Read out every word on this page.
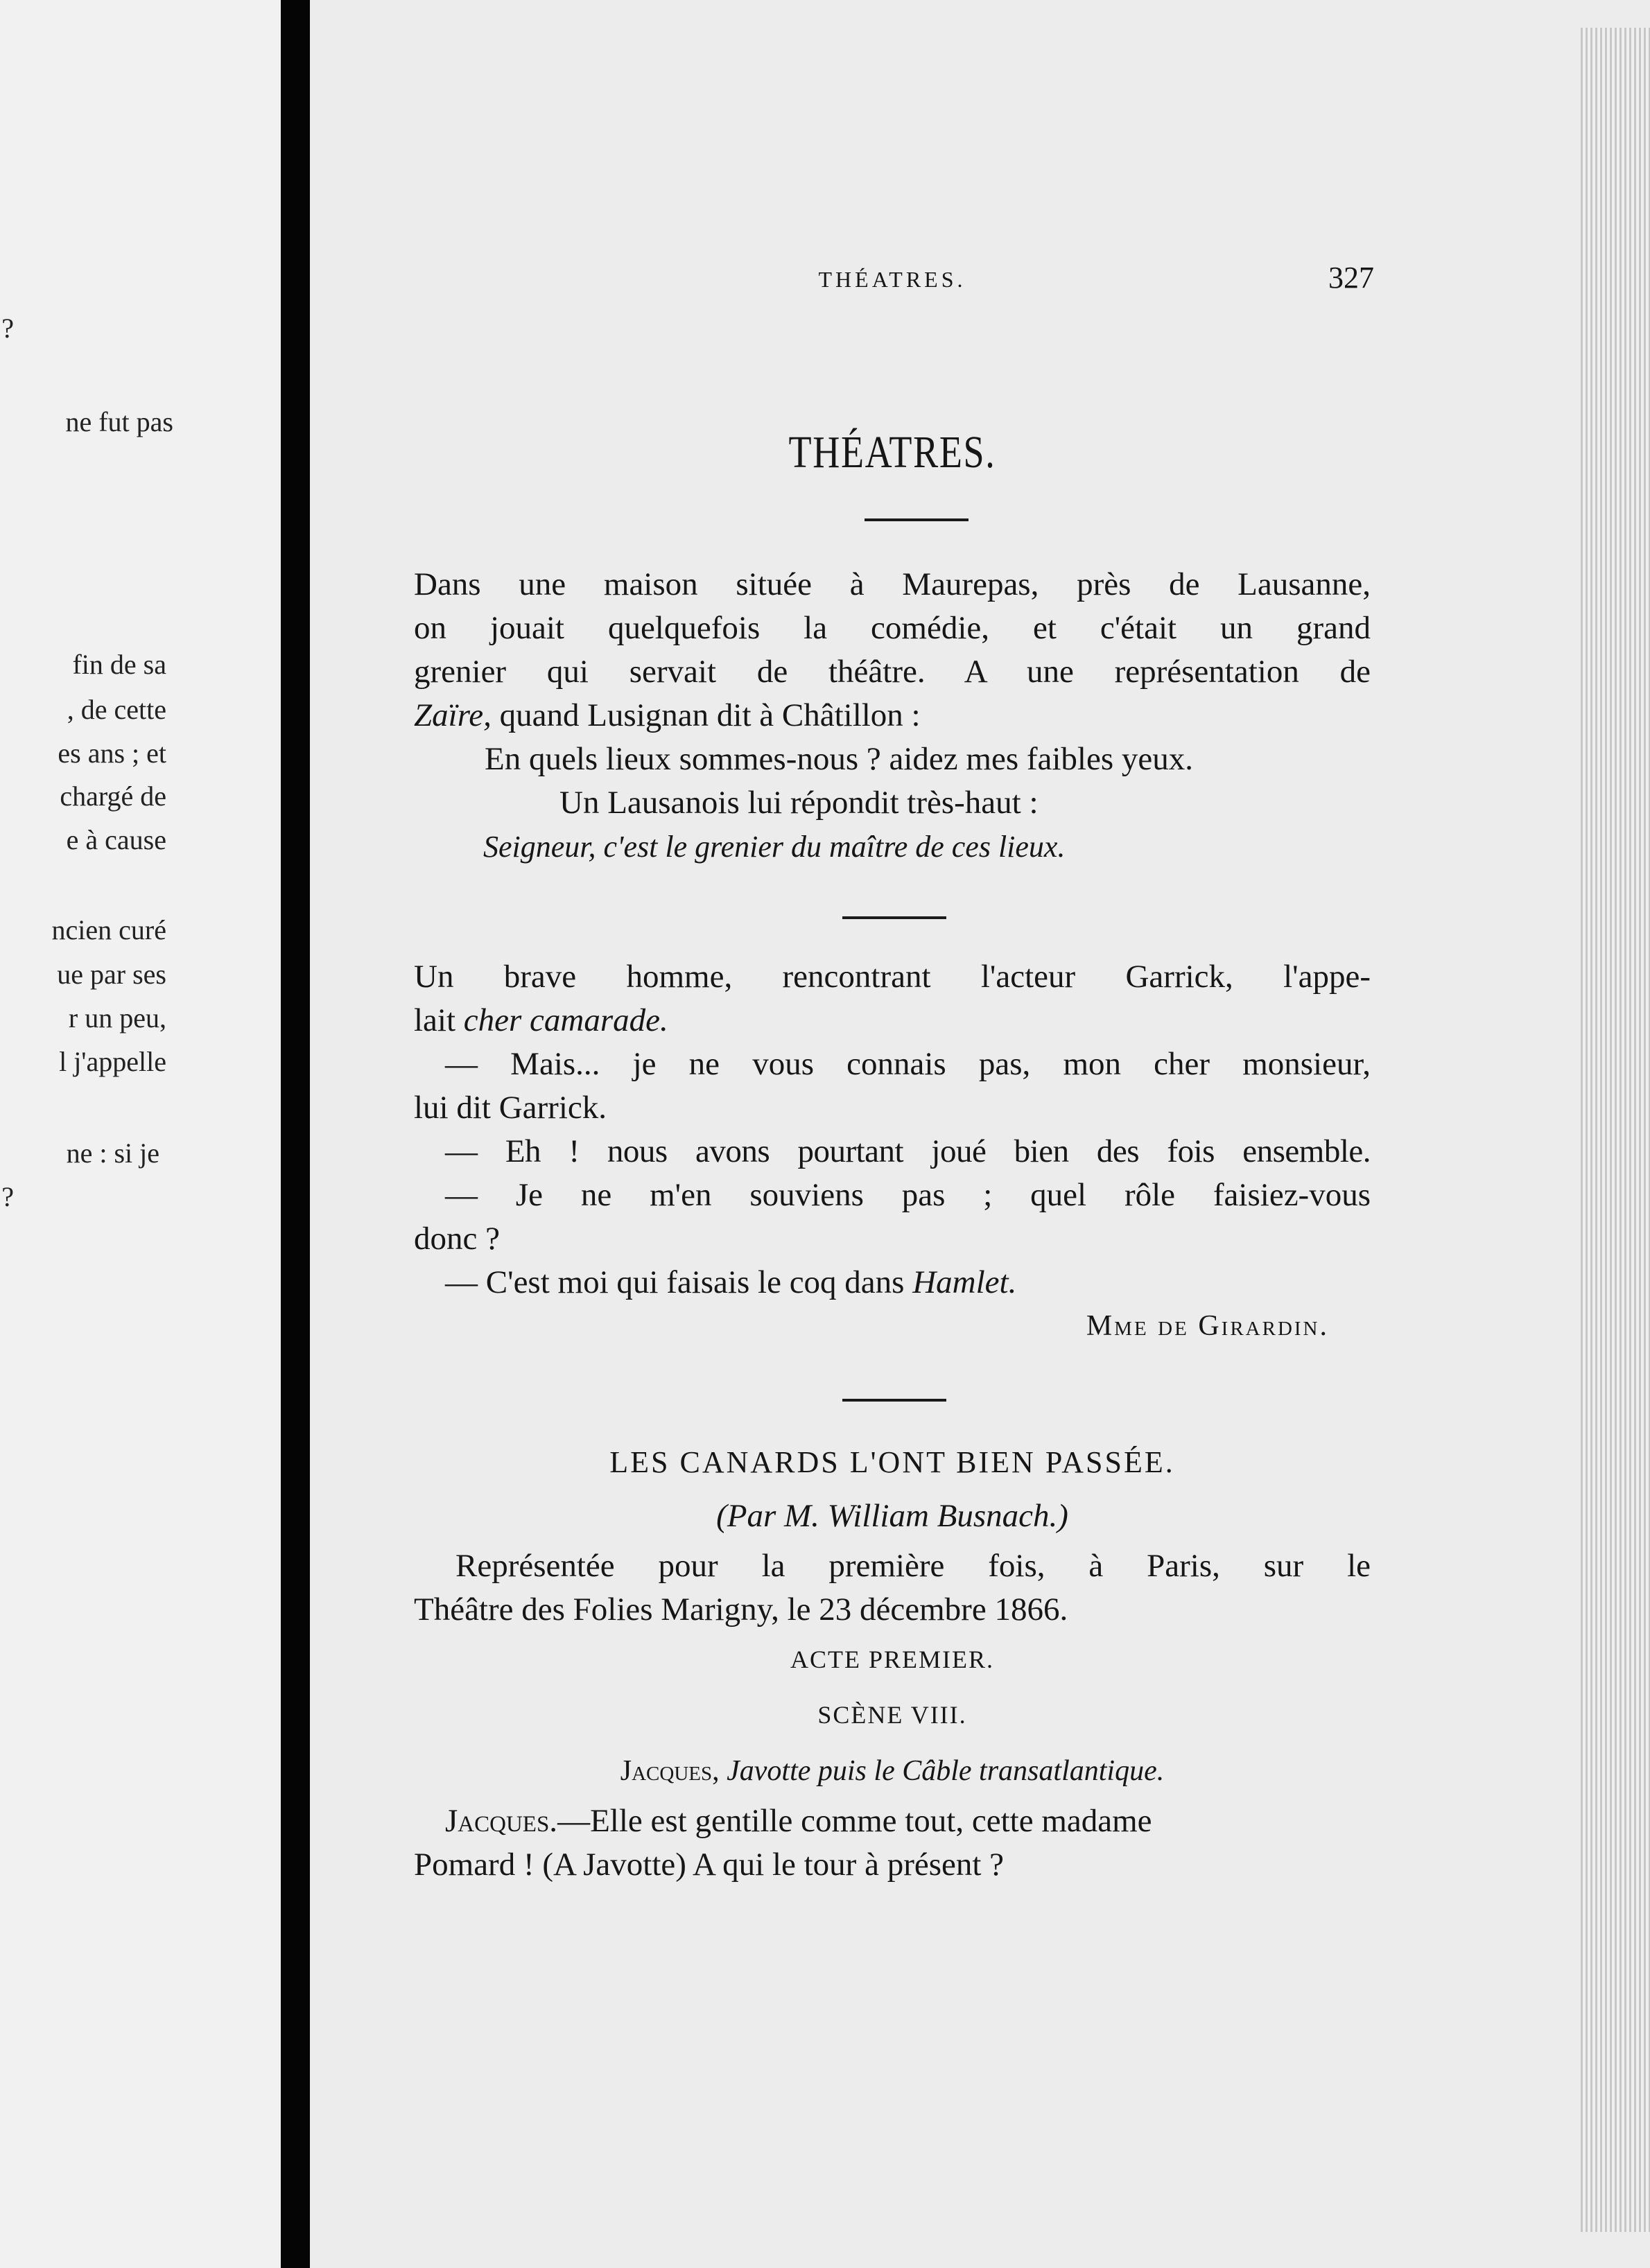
?
ne fut pas
fin de sa
, de cette
es ans ; et
chargé de
e à cause
ncien curé
ue par ses
r un peu,
l j'appelle
ne : si je
?
THÉATRES.	327
THÉATRES.
Dans une maison située à Maurepas, près de Lausanne,
on jouait quelquefois la comédie, et c'était un grand
grenier qui servait de théâtre. A une représentation de
Zaïre, quand Lusignan dit à Châtillon :
En quels lieux sommes-nous ? aidez mes faibles yeux.
Un Lausanois lui répondit très-haut :
Seigneur, c'est le grenier du maître de ces lieux.
Un brave homme, rencontrant l'acteur Garrick, l'appe-
lait cher camarade.
— Mais... je ne vous connais pas, mon cher monsieur,
lui dit Garrick.
— Eh ! nous avons pourtant joué bien des fois ensemble.
— Je ne m'en souviens pas ; quel rôle faisiez-vous
donc ?
— C'est moi qui faisais le coq dans Hamlet.
Mme de Girardin.
LES CANARDS L'ONT BIEN PASSÉE.
(Par M. William Busnach.)
Représentée pour la première fois, à Paris, sur le
Théâtre des Folies Marigny, le 23 décembre 1866.
ACTE PREMIER.
SCÈNE VIII.
Jacques, Javotte puis le Câble transatlantique.
Jacques.—Elle est gentille comme tout, cette madame
Pomard ! (A Javotte) A qui le tour à présent ?
